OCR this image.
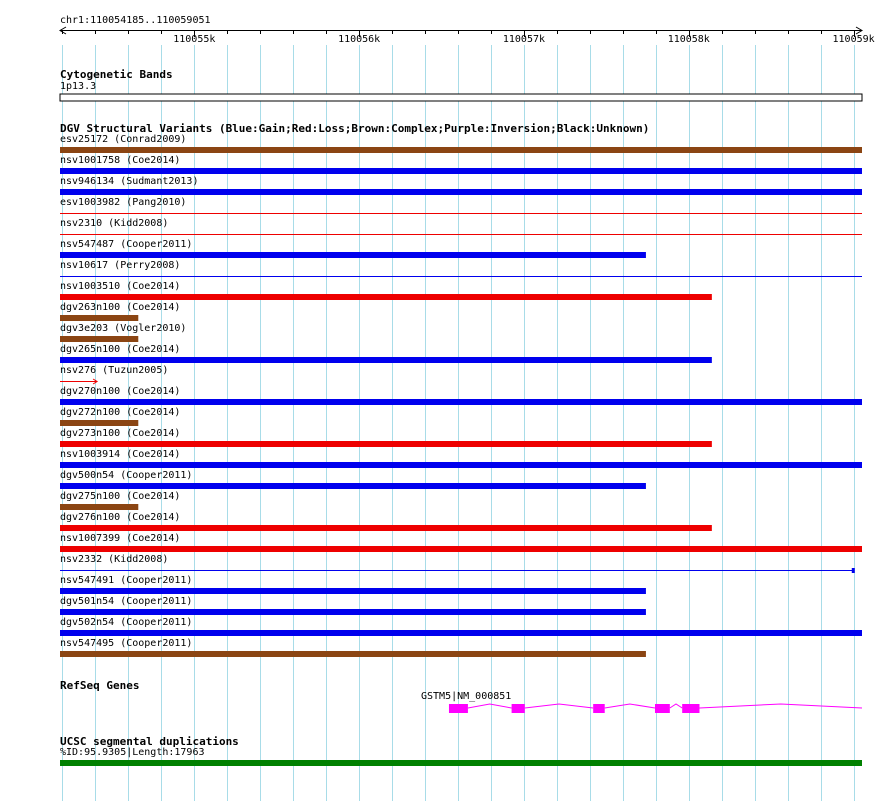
chr1:110054185..110059051
110055k	110056k	110057k	110058k	110059k
Cytogenetic Bands
1p13.3
DGV Structural Variants (Blue:Gain;Red:Loss;Brown:Complex;Purple:Inversion;Black:Unknown)
esv25172 (Conrad2009)
nsv1001758 (Coe2014)
nsv946134 (Sudmant2013)
esv1003982 (Pang2010)
nsv2310 (Kidd2008)
nsv547487 (Cooper2011)
nsv10617 (Perry2008)
nsv1003510 (Coe2014)
dgv263n100 (Coe2014)
dgv3e203 (Vogler2010)
dgv265n100 (Coe2014)
nsv276 (Tuzun2005)
dgv270n100 (Coe2014)
dgv272n100 (Coe2014)
dgv273n100 (Coe2014)
nsv1003914 (Coe2014)
dgv500n54 (Cooper2011)
dgv275n100 (Coe2014)
dgv276n100 (Coe2014)
nsv1007399 (Coe2014)
nsv2332 (Kidd2008)
nsv547491 (Cooper2011)
dgv501n54 (Cooper2011)
dgv502n54 (Cooper2011)
nsv547495 (Cooper2011)
RefSeq Genes
GSTM5|NM_000851
UCSC segmental duplications
%ID:95.9305|Length:17963
